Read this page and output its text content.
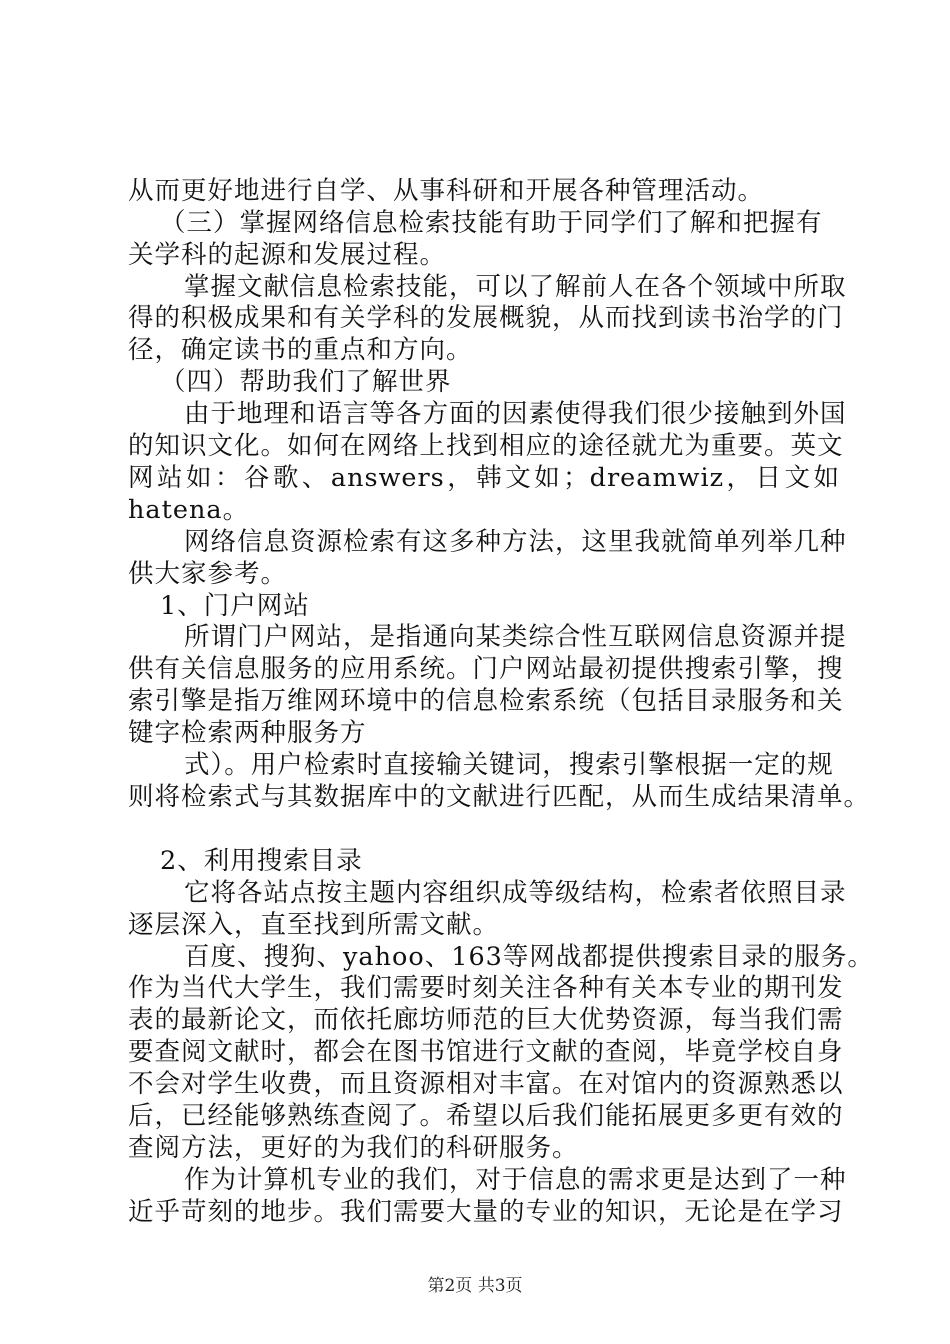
从而更好地进行自学、从事科研和开展各种管理活动。
（三）掌握网络信息检索技能有助于同学们了解和把握有
关学科的起源和发展过程。
掌握文献信息检索技能，可以了解前人在各个领域中所取
得的积极成果和有关学科的发展概貌，从而找到读书治学的门
径，确定读书的重点和方向。
（四）帮助我们了解世界
由于地理和语言等各方面的因素使得我们很少接触到外国
的知识文化。如何在网络上找到相应的途径就尤为重要。英文
网站如：谷歌、answers，韩文如；dreamwiz，日文如
hatena。
网络信息资源检索有这多种方法，这里我就简单列举几种
供大家参考。
1、门户网站
所谓门户网站，是指通向某类综合性互联网信息资源并提
供有关信息服务的应用系统。门户网站最初提供搜索引擎，搜
索引擎是指万维网环境中的信息检索系统（包括目录服务和关
键字检索两种服务方
式）。用户检索时直接输关键词，搜索引擎根据一定的规
则将检索式与其数据库中的文献进行匹配，从而生成结果清单。
2、利用搜索目录
它将各站点按主题内容组织成等级结构，检索者依照目录
逐层深入，直至找到所需文献。
百度、搜狗、yahoo、163等网战都提供搜索目录的服务。
作为当代大学生，我们需要时刻关注各种有关本专业的期刊发
表的最新论文，而依托廊坊师范的巨大优势资源，每当我们需
要查阅文献时，都会在图书馆进行文献的查阅，毕竟学校自身
不会对学生收费，而且资源相对丰富。在对馆内的资源熟悉以
后，已经能够熟练查阅了。希望以后我们能拓展更多更有效的
查阅方法，更好的为我们的科研服务。
作为计算机专业的我们，对于信息的需求更是达到了一种
近乎苛刻的地步。我们需要大量的专业的知识，无论是在学习
第2页 共3页
